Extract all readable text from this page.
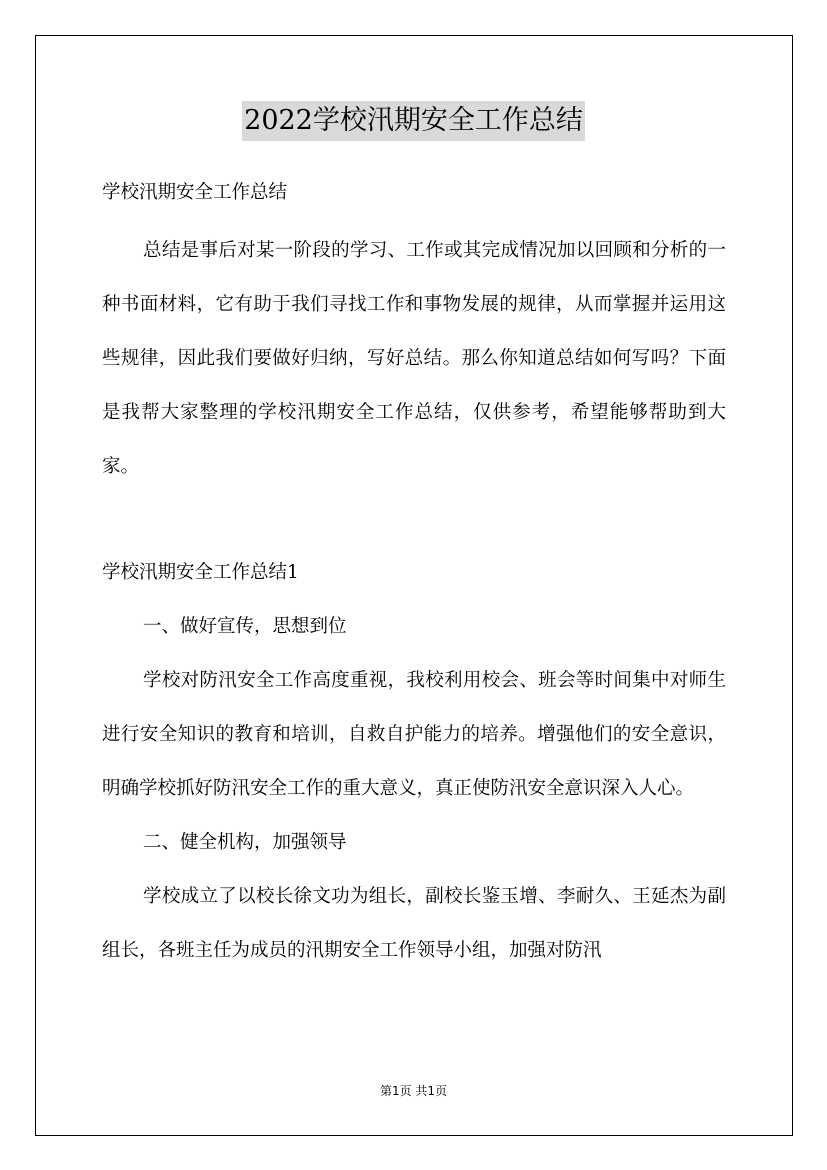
2022学校汛期安全工作总结

学校汛期安全工作总结

总结是事后对某一阶段的学习、工作或其完成情况加以回顾和分析的一种书面材料，它有助于我们寻找工作和事物发展的规律，从而掌握并运用这些规律，因此我们要做好归纳，写好总结。那么你知道总结如何写吗？下面是我帮大家整理的学校汛期安全工作总结，仅供参考，希望能够帮助到大家。

学校汛期安全工作总结1

一、做好宣传，思想到位

学校对防汛安全工作高度重视，我校利用校会、班会等时间集中对师生进行安全知识的教育和培训，自救自护能力的培养。增强他们的安全意识，明确学校抓好防汛安全工作的重大意义，真正使防汛安全意识深入人心。

二、健全机构，加强领导

学校成立了以校长徐文功为组长，副校长鉴玉增、李耐久、王延杰为副组长，各班主任为成员的汛期安全工作领导小组，加强对防汛

第1页 共1页
